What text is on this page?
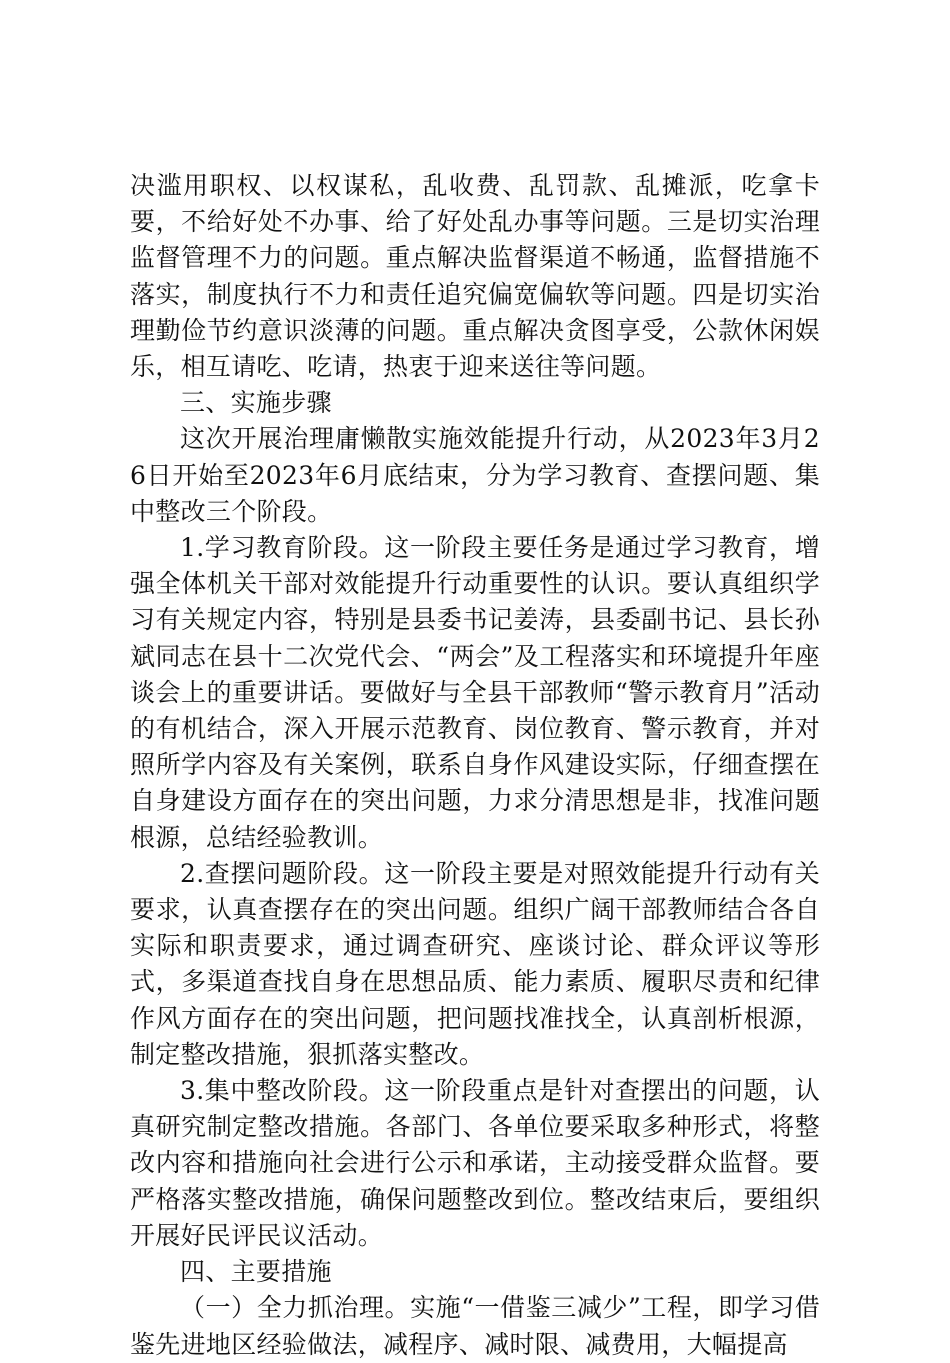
决滥用职权、以权谋私，乱收费、乱罚款、乱摊派，吃拿卡要，不给好处不办事、给了好处乱办事等问题。三是切实治理监督管理不力的问题。重点解决监督渠道不畅通，监督措施不落实，制度执行不力和责任追究偏宽偏软等问题。四是切实治理勤俭节约意识淡薄的问题。重点解决贪图享受，公款休闲娱乐，相互请吃、吃请，热衷于迎来送往等问题。

三、实施步骤

这次开展治理庸懒散实施效能提升行动，从2023年3月26日开始至2023年6月底结束，分为学习教育、查摆问题、集中整改三个阶段。

1.学习教育阶段。这一阶段主要任务是通过学习教育，增强全体机关干部对效能提升行动重要性的认识。要认真组织学习有关规定内容，特别是县委书记姜涛，县委副书记、县长孙斌同志在县十二次党代会、“两会”及工程落实和环境提升年座谈会上的重要讲话。要做好与全县干部教师“警示教育月”活动的有机结合，深入开展示范教育、岗位教育、警示教育，并对照所学内容及有关案例，联系自身作风建设实际，仔细查摆在自身建设方面存在的突出问题，力求分清思想是非，找准问题根源，总结经验教训。

2.查摆问题阶段。这一阶段主要是对照效能提升行动有关要求，认真查摆存在的突出问题。组织广阔干部教师结合各自实际和职责要求，通过调查研究、座谈讨论、群众评议等形式，多渠道查找自身在思想品质、能力素质、履职尽责和纪律作风方面存在的突出问题，把问题找准找全，认真剖析根源，制定整改措施，狠抓落实整改。

3.集中整改阶段。这一阶段重点是针对查摆出的问题，认真研究制定整改措施。各部门、各单位要采取多种形式，将整改内容和措施向社会进行公示和承诺，主动接受群众监督。要严格落实整改措施，确保问题整改到位。整改结束后，要组织开展好民评民议活动。

四、主要措施

（一）全力抓治理。实施“一借鉴三减少”工程，即学习借鉴先进地区经验做法，减程序、减时限、减费用，大幅提高
